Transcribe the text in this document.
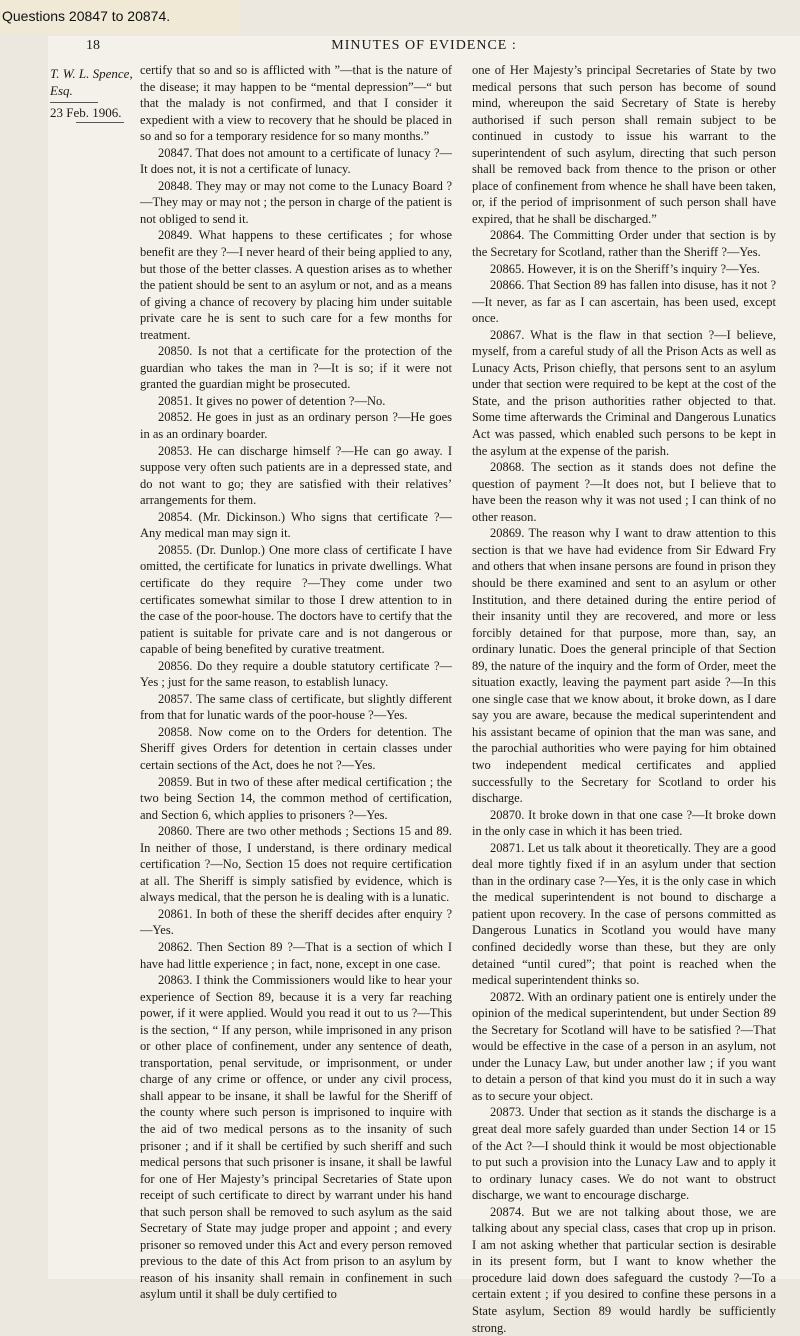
Questions 20847 to 20874.
18	MINUTES OF EVIDENCE :
T. W. L. Spence, Esq.
23 Feb. 1906.

certify that so and so is afflicted with ”—that is the nature of the disease; it may happen to be “mental depression”—“ but that the malady is not confirmed, and that I consider it expedient with a view to recovery that he should be placed in so and so for a temporary residence for so many months.”

20847. That does not amount to a certificate of lunacy ?—It does not, it is not a certificate of lunacy.

20848. They may or may not come to the Lunacy Board ?—They may or may not ; the person in charge of the patient is not obliged to send it.

20849. What happens to these certificates ; for whose benefit are they ?—I never heard of their being applied to any, but those of the better classes. A question arises as to whether the patient should be sent to an asylum or not, and as a means of giving a chance of recovery by placing him under suitable private care he is sent to such care for a few months for treatment.

20850. Is not that a certificate for the protection of the guardian who takes the man in ?—It is so; if it were not granted the guardian might be prosecuted.

20851. It gives no power of detention ?—No.

20852. He goes in just as an ordinary person ?—He goes in as an ordinary boarder.

20853. He can discharge himself ?—He can go away. I suppose very often such patients are in a depressed state, and do not want to go; they are satisfied with their relatives’ arrangements for them.

20854. (Mr. Dickinson.) Who signs that certificate ?—Any medical man may sign it.

20855. (Dr. Dunlop.) One more class of certificate I have omitted, the certificate for lunatics in private dwellings. What certificate do they require ?—They come under two certificates somewhat similar to those I drew attention to in the case of the poor-house. The doctors have to certify that the patient is suitable for private care and is not dangerous or capable of being benefited by curative treatment.

20856. Do they require a double statutory certificate ?—Yes ; just for the same reason, to establish lunacy.

20857. The same class of certificate, but slightly different from that for lunatic wards of the poor-house ?—Yes.

20858. Now come on to the Orders for detention. The Sheriff gives Orders for detention in certain classes under certain sections of the Act, does he not ?—Yes.

20859. But in two of these after medical certification ; the two being Section 14, the common method of certification, and Section 6, which applies to prisoners ?—Yes.

20860. There are two other methods ; Sections 15 and 89. In neither of those, I understand, is there ordinary medical certification ?—No, Section 15 does not require certification at all. The Sheriff is simply satisfied by evidence, which is always medical, that the person he is dealing with is a lunatic.

20861. In both of these the sheriff decides after enquiry ?—Yes.

20862. Then Section 89 ?—That is a section of which I have had little experience ; in fact, none, except in one case.

20863. I think the Commissioners would like to hear your experience of Section 89, because it is a very far reaching power, if it were applied. Would you read it out to us ?—This is the section, “ If any person, while imprisoned in any prison or other place of confinement, under any sentence of death, transportation, penal servitude, or imprisonment, or under charge of any crime or offence, or under any civil process, shall appear to be insane, it shall be lawful for the Sheriff of the county where such person is imprisoned to inquire with the aid of two medical persons as to the insanity of such prisoner ; and if it shall be certified by such sheriff and such medical persons that such prisoner is insane, it shall be lawful for one of Her Majesty’s principal Secretaries of State upon receipt of such certificate to direct by warrant under his hand that such person shall be removed to such asylum as the said Secretary of State may judge proper and appoint ; and every prisoner so removed under this Act and every person removed previous to the date of this Act from prison to an asylum by reason of his insanity shall remain in confinement in such asylum until it shall be duly certified to

one of Her Majesty’s principal Secretaries of State by two medical persons that such person has become of sound mind, whereupon the said Secretary of State is hereby authorised if such person shall remain subject to be continued in custody to issue his warrant to the superintendent of such asylum, directing that such person shall be removed back from thence to the prison or other place of confinement from whence he shall have been taken, or, if the period of imprisonment of such person shall have expired, that he shall be discharged.”

20864. The Committing Order under that section is by the Secretary for Scotland, rather than the Sheriff ?—Yes.

20865. However, it is on the Sheriff’s inquiry ?—Yes.

20866. That Section 89 has fallen into disuse, has it not ?—It never, as far as I can ascertain, has been used, except once.

20867. What is the flaw in that section ?—I believe, myself, from a careful study of all the Prison Acts as well as Lunacy Acts, Prison chiefly, that persons sent to an asylum under that section were required to be kept at the cost of the State, and the prison authorities rather objected to that. Some time afterwards the Criminal and Dangerous Lunatics Act was passed, which enabled such persons to be kept in the asylum at the expense of the parish.

20868. The section as it stands does not define the question of payment ?—It does not, but I believe that to have been the reason why it was not used ; I can think of no other reason.

20869. The reason why I want to draw attention to this section is that we have had evidence from Sir Edward Fry and others that when insane persons are found in prison they should be there examined and sent to an asylum or other Institution, and there detained during the entire period of their insanity until they are recovered, and more or less forcibly detained for that purpose, more than, say, an ordinary lunatic. Does the general principle of that Section 89, the nature of the inquiry and the form of Order, meet the situation exactly, leaving the payment part aside ?—In this one single case that we know about, it broke down, as I dare say you are aware, because the medical superintendent and his assistant became of opinion that the man was sane, and the parochial authorities who were paying for him obtained two independent medical certificates and applied successfully to the Secretary for Scotland to order his discharge.

20870. It broke down in that one case ?—It broke down in the only case in which it has been tried.

20871. Let us talk about it theoretically. They are a good deal more tightly fixed if in an asylum under that section than in the ordinary case ?—Yes, it is the only case in which the medical superintendent is not bound to discharge a patient upon recovery. In the case of persons committed as Dangerous Lunatics in Scotland you would have many confined decidedly worse than these, but they are only detained “until cured”; that point is reached when the medical superintendent thinks so.

20872. With an ordinary patient one is entirely under the opinion of the medical superintendent, but under Section 89 the Secretary for Scotland will have to be satisfied ?—That would be effective in the case of a person in an asylum, not under the Lunacy Law, but under another law ; if you want to detain a person of that kind you must do it in such a way as to secure your object.

20873. Under that section as it stands the discharge is a great deal more safely guarded than under Section 14 or 15 of the Act ?—I should think it would be most objectionable to put such a provision into the Lunacy Law and to apply it to ordinary lunacy cases. We do not want to obstruct discharge, we want to encourage discharge.

20874. But we are not talking about those, we are talking about any special class, cases that crop up in prison. I am not asking whether that particular section is desirable in its present form, but I want to know whether the procedure laid down does safeguard the custody ?—To a certain extent ; if you desired to confine these persons in a State asylum, Section 89 would hardly be sufficiently strong.
